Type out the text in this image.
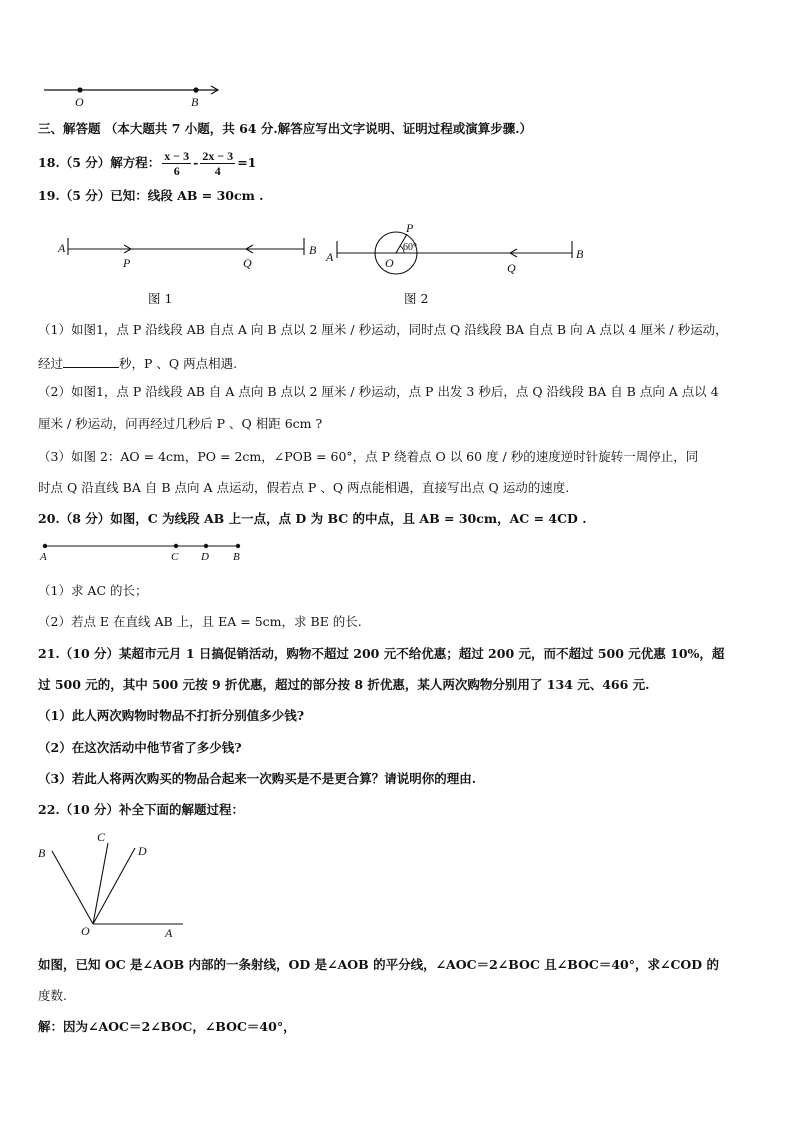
O	B
三、解答题 （本大题共 7 小题，共 64 分.解答应写出文字说明、证明过程或演算步骤.）
18.（5 分）解方程： $\frac{x - 3}{6} - \frac{2x - 3}{4} =1$
19.（5 分）已知：线段 AB = 30cm .
A	B
P	Q
图 1
A	B
P
O
60°
Q
图 2
（1）如图1，点 P 沿线段 AB 自点 A 向 B 点以 2 厘米 / 秒运动，同时点 Q 沿线段 BA 自点 B 向 A 点以 4 厘米 / 秒运动，
经过	秒，P 、Q 两点相遇.
（2）如图1，点 P 沿线段 AB 自 A 点向 B 点以 2 厘米 / 秒运动，点 P 出发 3 秒后，点 Q 沿线段 BA 自 B 点向 A 点以 4
厘米 / 秒运动，问再经过几秒后 P 、Q 相距 6cm ?
（3）如图 2：AO = 4cm，PO = 2cm，∠POB = 60°，点 P 绕着点 O 以 60 度 / 秒的速度逆时针旋转一周停止，同
时点 Q 沿直线 BA 自 B 点向 A 点运动，假若点 P 、Q 两点能相遇，直接写出点 Q 运动的速度.
20.（8 分）如图，C 为线段 AB 上一点，点 D 为 BC 的中点，且 AB = 30cm，AC = 4CD .
A	C D B
（1）求 AC 的长；
（2）若点 E 在直线 AB 上，且 EA = 5cm，求 BE 的长.
21.（10 分）某超市元月 1 日搞促销活动，购物不超过 200 元不给优惠；超过 200 元，而不超过 500 元优惠 10%，超
过 500 元的，其中 500 元按 9 折优惠，超过的部分按 8 折优惠，某人两次购物分别用了 134 元、466 元.
（1）此人两次购物时物品不打折分别值多少钱?
（2）在这次活动中他节省了多少钱?
（3）若此人将两次购买的物品合起来一次购买是不是更合算？请说明你的理由.
22.（10 分）补全下面的解题过程：
B
C
D
O	A
如图，已知 OC 是∠AOB 内部的一条射线，OD 是∠AOB 的平分线，∠AOC＝2∠BOC 且∠BOC＝40°，求∠COD 的
度数.
解：因为∠AOC＝2∠BOC，∠BOC＝40°，
